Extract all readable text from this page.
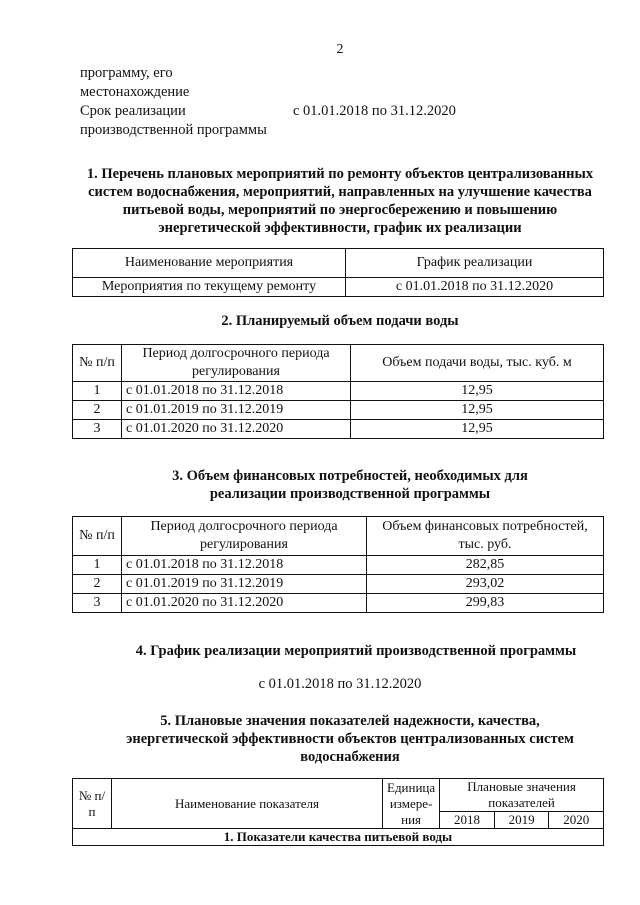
2
программу, его
местонахождение
Срок реализации	с 01.01.2018 по 31.12.2020
производственной программы
1. Перечень плановых мероприятий по ремонту объектов централизованных систем водоснабжения, мероприятий, направленных на улучшение качества питьевой воды, мероприятий по энергосбережению и повышению энергетической эффективности, график их реализации
Наименование мероприятия	График реализации
Мероприятия по текущему ремонту	с 01.01.2018 по 31.12.2020
2. Планируемый объем подачи воды
№ п/п	Период долгосрочного периода регулирования	Объем подачи воды, тыс. куб. м
1	с 01.01.2018 по 31.12.2018	12,95
2	с 01.01.2019 по 31.12.2019	12,95
3	с 01.01.2020 по 31.12.2020	12,95
3. Объем финансовых потребностей, необходимых для реализации производственной программы
№ п/п	Период долгосрочного периода регулирования	Объем финансовых потребностей, тыс. руб.
1	с 01.01.2018 по 31.12.2018	282,85
2	с 01.01.2019 по 31.12.2019	293,02
3	с 01.01.2020 по 31.12.2020	299,83
4. График реализации мероприятий производственной программы
с 01.01.2018 по 31.12.2020
5. Плановые значения показателей надежности, качества, энергетической эффективности объектов централизованных систем водоснабжения
№ п/п	Наименование показателя	Единица измере-ния	Плановые значения показателей		
			2018	2019	2020
1. Показатели качества питьевой воды					
